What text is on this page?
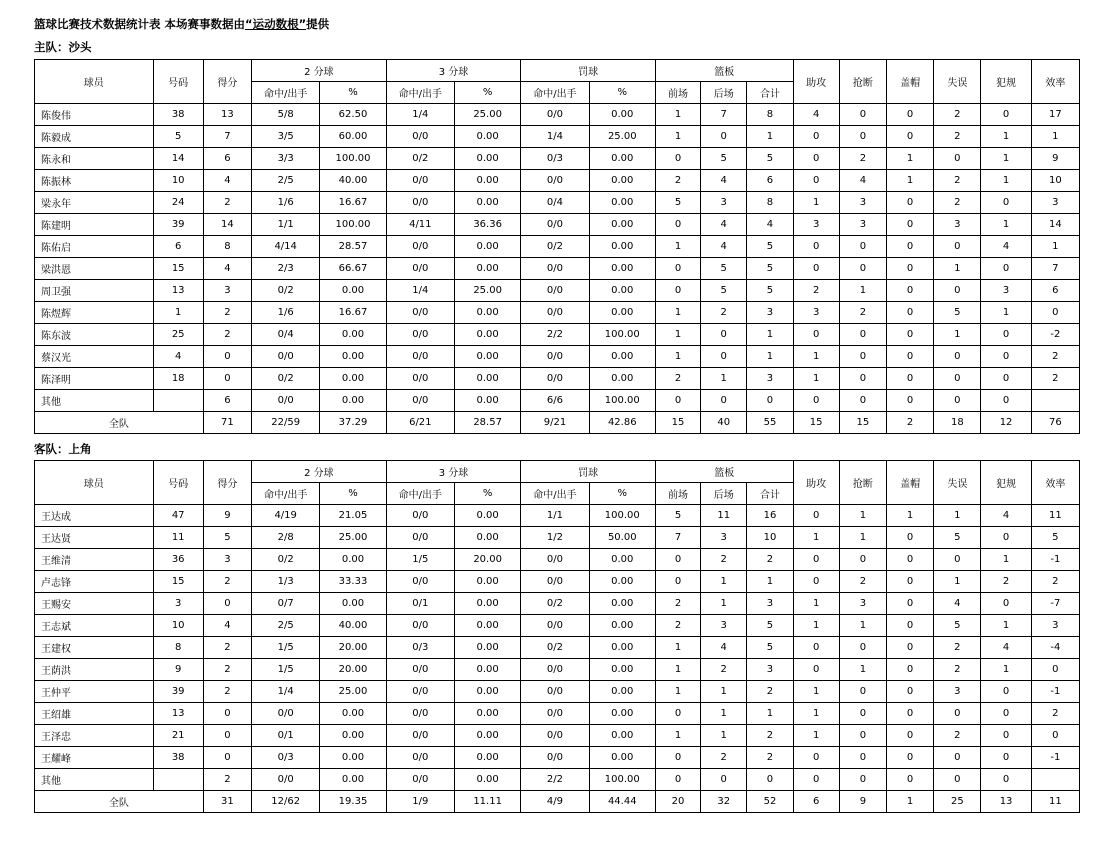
篮球比赛技术数据统计表 本场赛事数据由“运动数根”提供
主队：沙头
球员	号码	得分	2 分球		3 分球		罚球		篮板			助攻	抢断	盖帽	失误	犯规	效率
			命中/出手	%	命中/出手	%	命中/出手	%	前场	后场	合计						
陈俊伟	38	13	5/8	62.50	1/4	25.00	0/0	0.00	1	7	8	4	0	0	2	0	17
陈毅成	5	7	3/5	60.00	0/0	0.00	1/4	25.00	1	0	1	0	0	0	2	1	1
陈永和	14	6	3/3	100.00	0/2	0.00	0/3	0.00	0	5	5	0	2	1	0	1	9
陈振林	10	4	2/5	40.00	0/0	0.00	0/0	0.00	2	4	6	0	4	1	2	1	10
梁永年	24	2	1/6	16.67	0/0	0.00	0/4	0.00	5	3	8	1	3	0	2	0	3
陈建明	39	14	1/1	100.00	4/11	36.36	0/0	0.00	0	4	4	3	3	0	3	1	14
陈佑启	6	8	4/14	28.57	0/0	0.00	0/2	0.00	1	4	5	0	0	0	0	4	1
梁洪恩	15	4	2/3	66.67	0/0	0.00	0/0	0.00	0	5	5	0	0	0	1	0	7
周卫强	13	3	0/2	0.00	1/4	25.00	0/0	0.00	0	5	5	2	1	0	0	3	6
陈煜辉	1	2	1/6	16.67	0/0	0.00	0/0	0.00	1	2	3	3	2	0	5	1	0
陈东波	25	2	0/4	0.00	0/0	0.00	2/2	100.00	1	0	1	0	0	0	1	0	-2
蔡汉光	4	0	0/0	0.00	0/0	0.00	0/0	0.00	1	0	1	1	0	0	0	0	2
陈泽明	18	0	0/2	0.00	0/0	0.00	0/0	0.00	2	1	3	1	0	0	0	0	2
其他		6	0/0	0.00	0/0	0.00	6/6	100.00	0	0	0	0	0	0	0	0	
全队		71	22/59	37.29	6/21	28.57	9/21	42.86	15	40	55	15	15	2	18	12	76
客队：上角
球员	号码	得分	2 分球		3 分球		罚球		篮板			助攻	抢断	盖帽	失误	犯规	效率
			命中/出手	%	命中/出手	%	命中/出手	%	前场	后场	合计						
王达成	47	9	4/19	21.05	0/0	0.00	1/1	100.00	5	11	16	0	1	1	1	4	11
王达贤	11	5	2/8	25.00	0/0	0.00	1/2	50.00	7	3	10	1	1	0	5	0	5
王维清	36	3	0/2	0.00	1/5	20.00	0/0	0.00	0	2	2	0	0	0	0	1	-1
卢志锋	15	2	1/3	33.33	0/0	0.00	0/0	0.00	0	1	1	0	2	0	1	2	2
王赐安	3	0	0/7	0.00	0/1	0.00	0/2	0.00	2	1	3	1	3	0	4	0	-7
王志斌	10	4	2/5	40.00	0/0	0.00	0/0	0.00	2	3	5	1	1	0	5	1	3
王建权	8	2	1/5	20.00	0/3	0.00	0/2	0.00	1	4	5	0	0	0	2	4	-4
王荫洪	9	2	1/5	20.00	0/0	0.00	0/0	0.00	1	2	3	0	1	0	2	1	0
王仲平	39	2	1/4	25.00	0/0	0.00	0/0	0.00	1	1	2	1	0	0	3	0	-1
王绍雄	13	0	0/0	0.00	0/0	0.00	0/0	0.00	0	1	1	1	0	0	0	0	2
王泽忠	21	0	0/1	0.00	0/0	0.00	0/0	0.00	1	1	2	1	0	0	2	0	0
王耀峰	38	0	0/3	0.00	0/0	0.00	0/0	0.00	0	2	2	0	0	0	0	0	-1
其他		2	0/0	0.00	0/0	0.00	2/2	100.00	0	0	0	0	0	0	0	0	
全队		31	12/62	19.35	1/9	11.11	4/9	44.44	20	32	52	6	9	1	25	13	11
